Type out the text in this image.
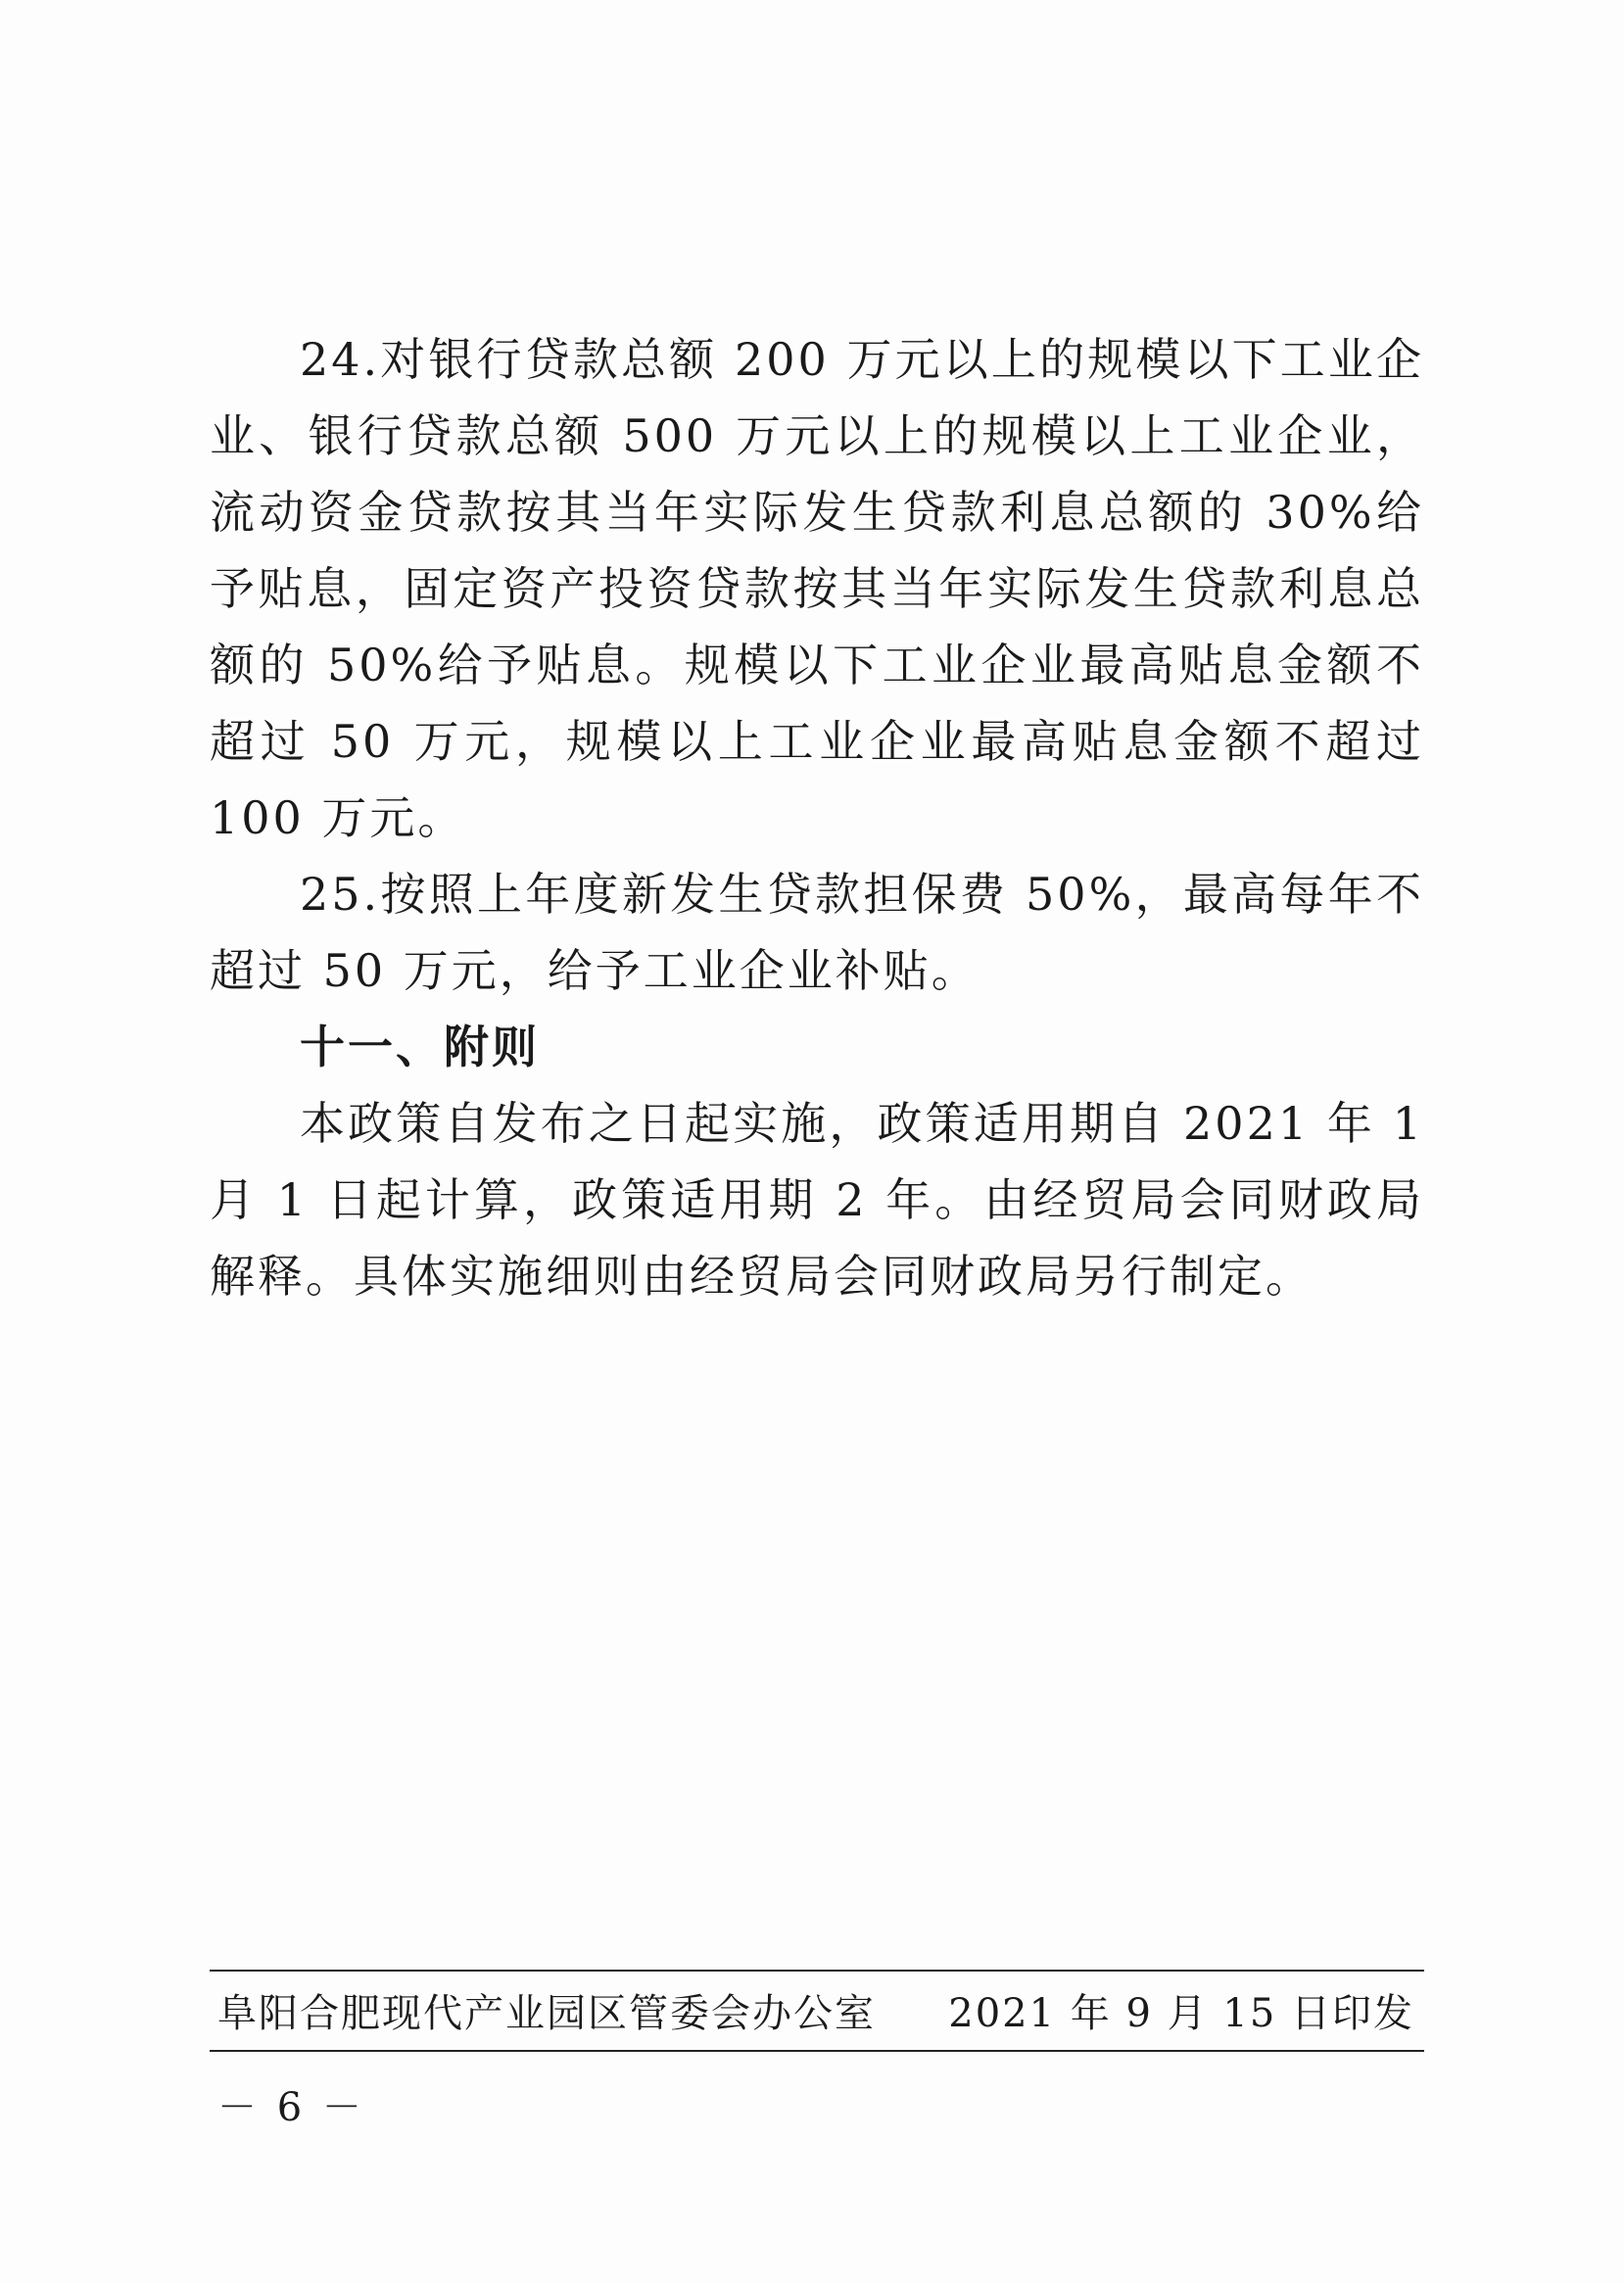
24.对银行贷款总额 200 万元以上的规模以下工业企业、银行贷款总额 500 万元以上的规模以上工业企业，流动资金贷款按其当年实际发生贷款利息总额的 30%给予贴息，固定资产投资贷款按其当年实际发生贷款利息总额的 50%给予贴息。规模以下工业企业最高贴息金额不超过 50 万元，规模以上工业企业最高贴息金额不超过 100 万元。

25.按照上年度新发生贷款担保费 50%，最高每年不超过 50 万元，给予工业企业补贴。

十一、附则

本政策自发布之日起实施，政策适用期自 2021 年 1 月 1 日起计算，政策适用期 2 年。由经贸局会同财政局解释。具体实施细则由经贸局会同财政局另行制定。

阜阳合肥现代产业园区管委会办公室 2021 年 9 月 15 日印发
－ 6 －
